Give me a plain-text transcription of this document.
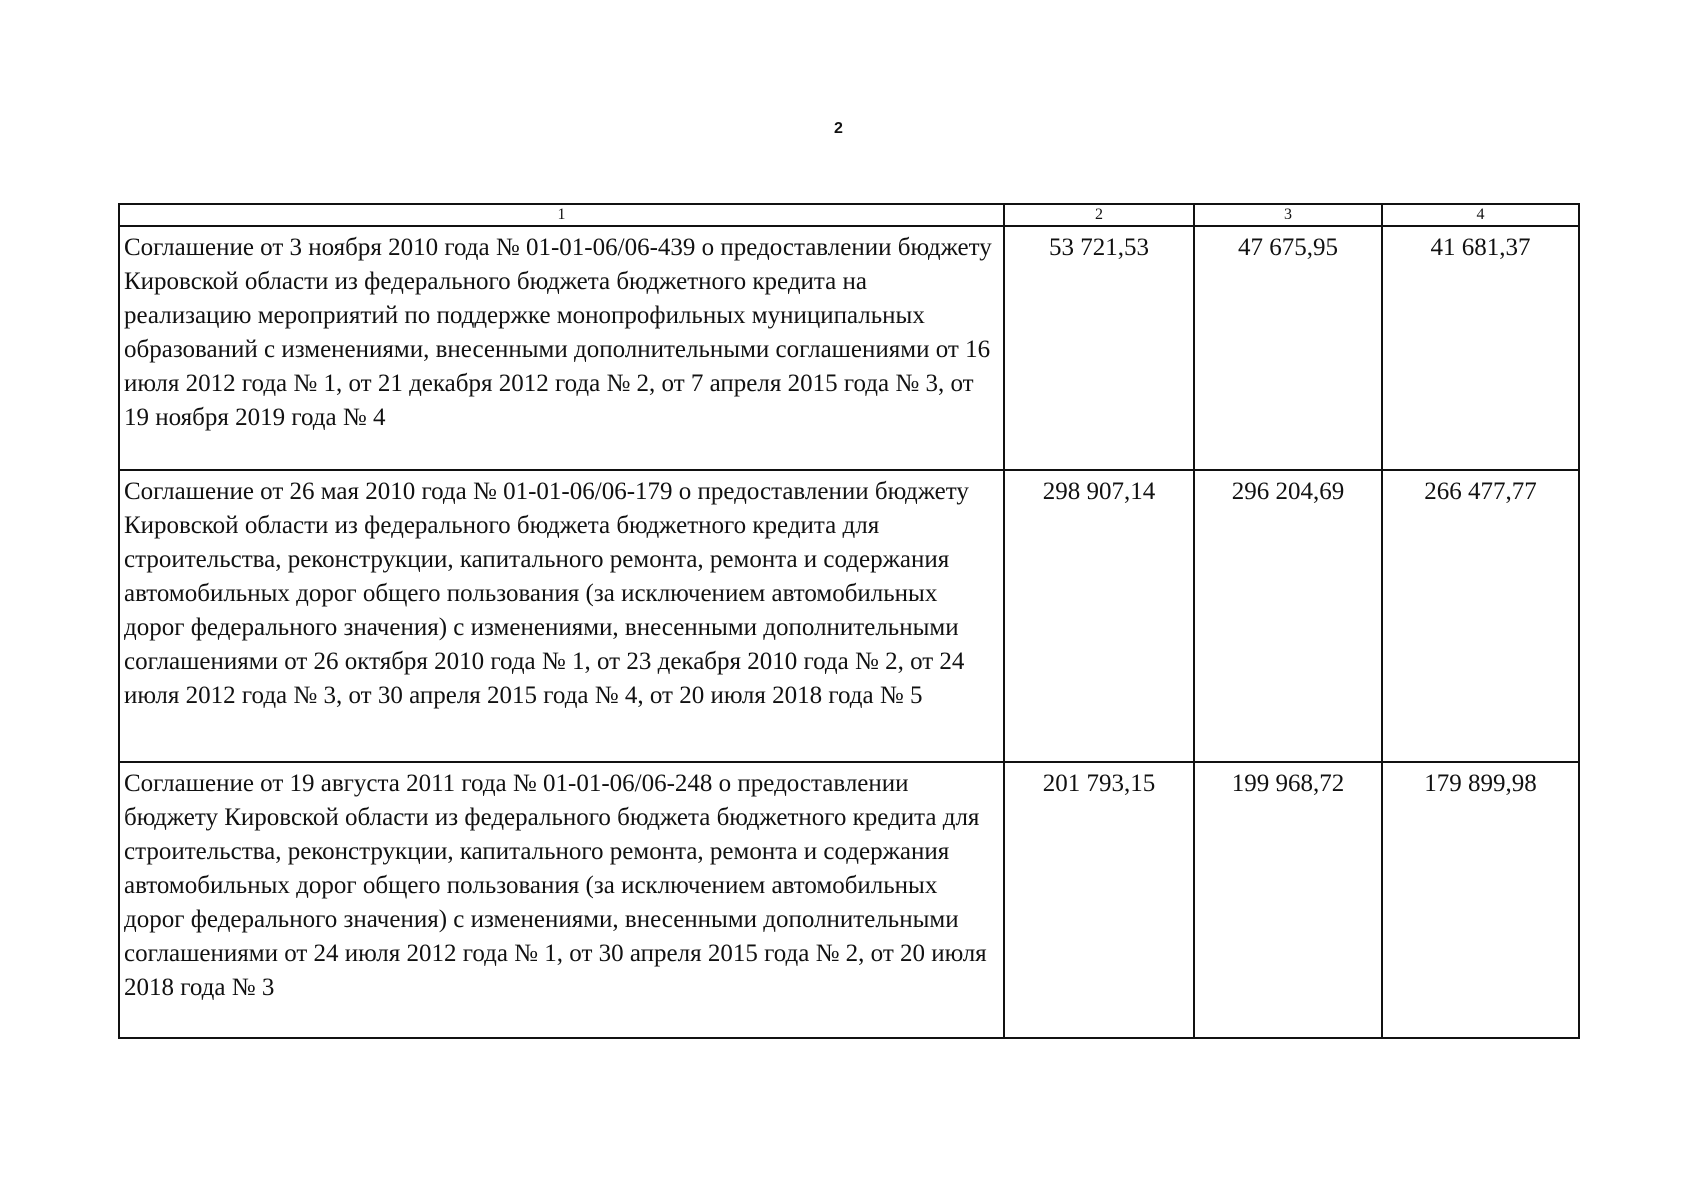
2
1	2	3	4
Соглашение от 3 ноября 2010 года № 01-01-06/06-439 о предоставлении бюджету Кировской области из федерального бюджета бюджетного кредита на реализацию мероприятий по поддержке монопрофильных муниципальных образований с изменениями, внесенными дополнительными соглашениями от 16 июля 2012 года № 1, от 21 декабря 2012 года № 2, от 7 апреля 2015 года № 3, от 19 ноября 2019 года № 4	53 721,53	47 675,95	41 681,37
Соглашение от 26 мая 2010 года № 01-01-06/06-179 о предоставлении бюджету Кировской области из федерального бюджета бюджетного кредита для строительства, реконструкции, капитального ремонта, ремонта и содержания автомобильных дорог общего пользования (за исключением автомобильных дорог федерального значения) с изменениями, внесенными дополнительными соглашениями от 26 октября 2010 года № 1, от 23 декабря 2010 года № 2, от 24 июля 2012 года № 3, от 30 апреля 2015 года № 4, от 20 июля 2018 года № 5	298 907,14	296 204,69	266 477,77
Соглашение от 19 августа 2011 года № 01-01-06/06-248 о предоставлении бюджету Кировской области из федерального бюджета бюджетного кредита для строительства, реконструкции, капитального ремонта, ремонта и содержания автомобильных дорог общего пользования (за исключением автомобильных дорог федерального значения) с изменениями, внесенными дополнительными соглашениями от 24 июля 2012 года № 1, от 30 апреля 2015 года № 2, от 20 июля 2018 года № 3	201 793,15	199 968,72	179 899,98
